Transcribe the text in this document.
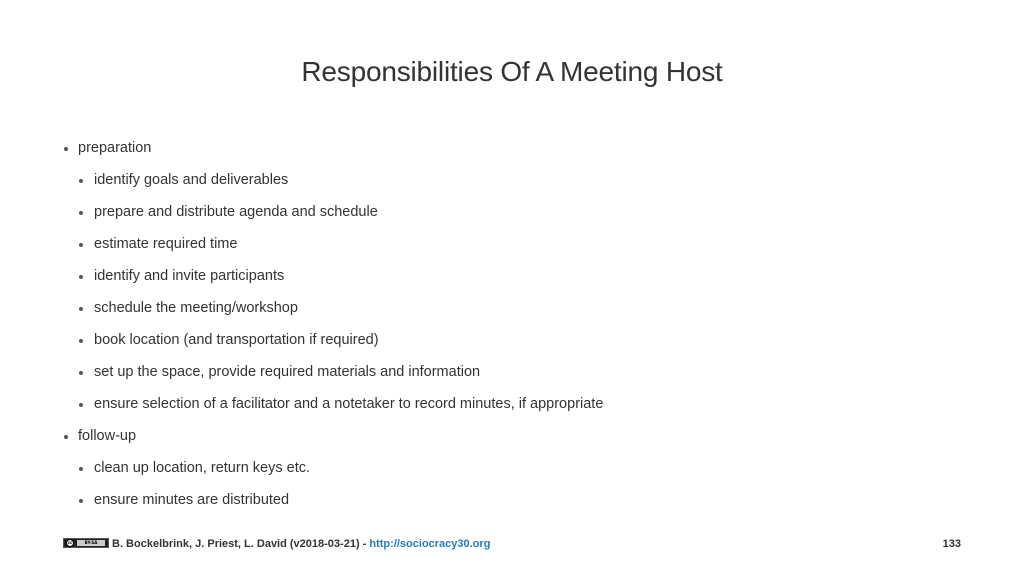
Responsibilities Of A Meeting Host
preparation
identify goals and deliverables
prepare and distribute agenda and schedule
estimate required time
identify and invite participants
schedule the meeting/workshop
book location (and transportation if required)
set up the space, provide required materials and information
ensure selection of a facilitator and a notetaker to record minutes, if appropriate
follow-up
clean up location, return keys etc.
ensure minutes are distributed
cc	BY-SA	B. Bockelbrink, J. Priest, L. David (v2018-03-21) - http://sociocracy30.org	133
